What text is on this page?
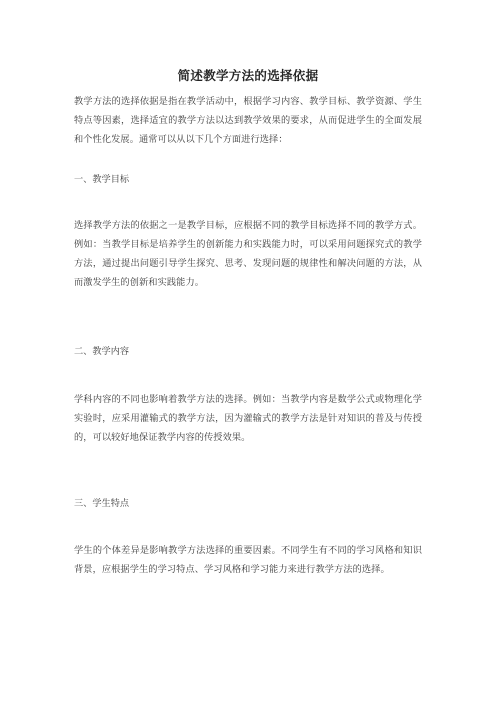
简述教学方法的选择依据

教学方法的选择依据是指在教学活动中，根据学习内容、教学目标、教学资源、学生特点等因素，选择适宜的教学方法以达到教学效果的要求，从而促进学生的全面发展和个性化发展。通常可以从以下几个方面进行选择：

一、教学目标

选择教学方法的依据之一是教学目标，应根据不同的教学目标选择不同的教学方式。例如：当教学目标是培养学生的创新能力和实践能力时，可以采用问题探究式的教学方法，通过提出问题引导学生探究、思考、发现问题的规律性和解决问题的方法，从而激发学生的创新和实践能力。

二、教学内容

学科内容的不同也影响着教学方法的选择。例如：当教学内容是数学公式或物理化学实验时，应采用灌输式的教学方法，因为灌输式的教学方法是针对知识的普及与传授的，可以较好地保证教学内容的传授效果。

三、学生特点

学生的个体差异是影响教学方法选择的重要因素。不同学生有不同的学习风格和知识背景，应根据学生的学习特点、学习风格和学习能力来进行教学方法的选择。
